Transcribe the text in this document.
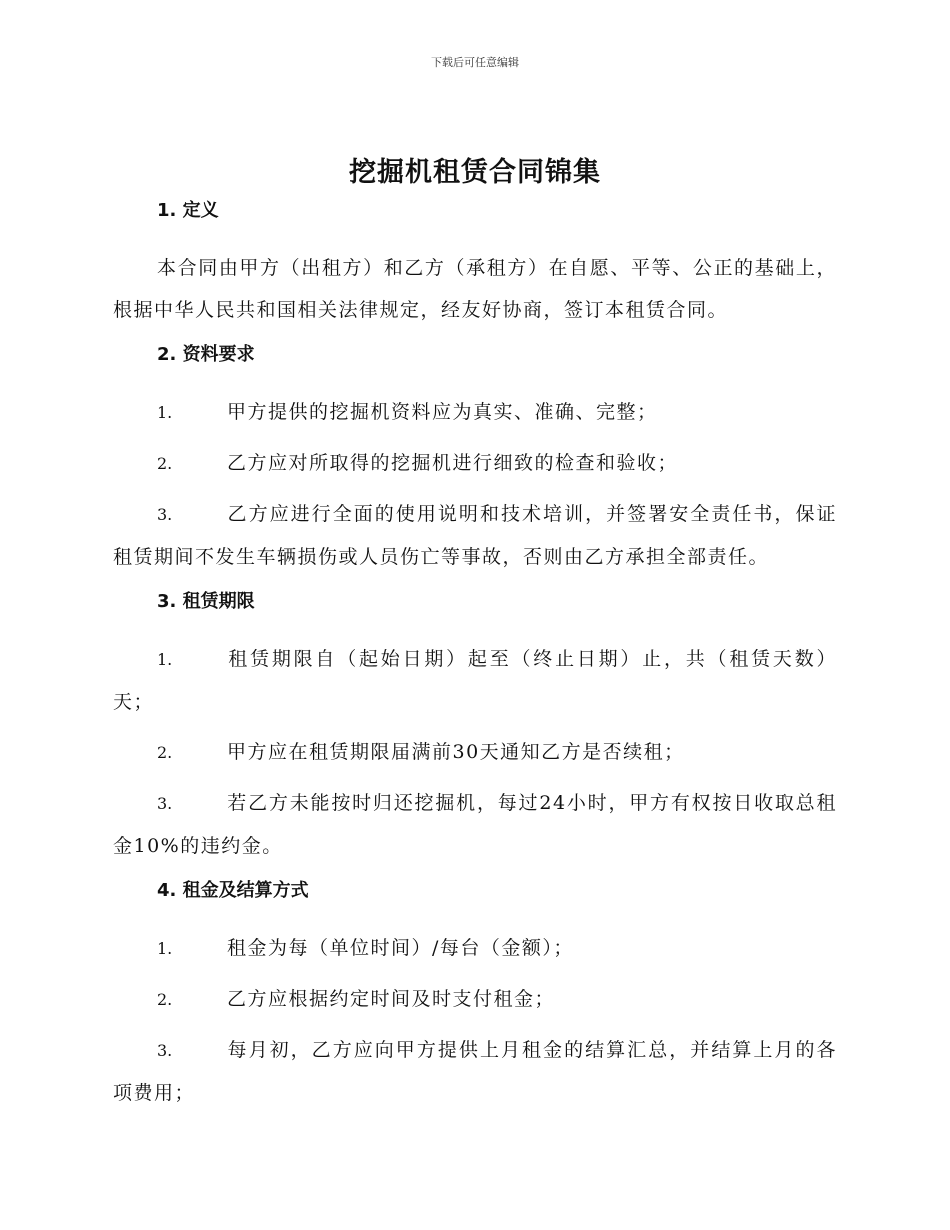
下载后可任意编辑
挖掘机租赁合同锦集
1. 定义
本合同由甲方（出租方）和乙方（承租方）在自愿、平等、公正的基础上，根据中华人民共和国相关法律规定，经友好协商，签订本租赁合同。
2. 资料要求
1.	甲方提供的挖掘机资料应为真实、准确、完整；
2.	乙方应对所取得的挖掘机进行细致的检查和验收；
3.	乙方应进行全面的使用说明和技术培训，并签署安全责任书，保证租赁期间不发生车辆损伤或人员伤亡等事故，否则由乙方承担全部责任。
3. 租赁期限
1.	租赁期限自（起始日期）起至（终止日期）止，共（租赁天数）天；
2.	甲方应在租赁期限届满前30天通知乙方是否续租；
3.	若乙方未能按时归还挖掘机，每过24小时，甲方有权按日收取总租金10%的违约金。
4. 租金及结算方式
1.	租金为每（单位时间）/每台（金额）；
2.	乙方应根据约定时间及时支付租金；
3.	每月初，乙方应向甲方提供上月租金的结算汇总，并结算上月的各项费用；
